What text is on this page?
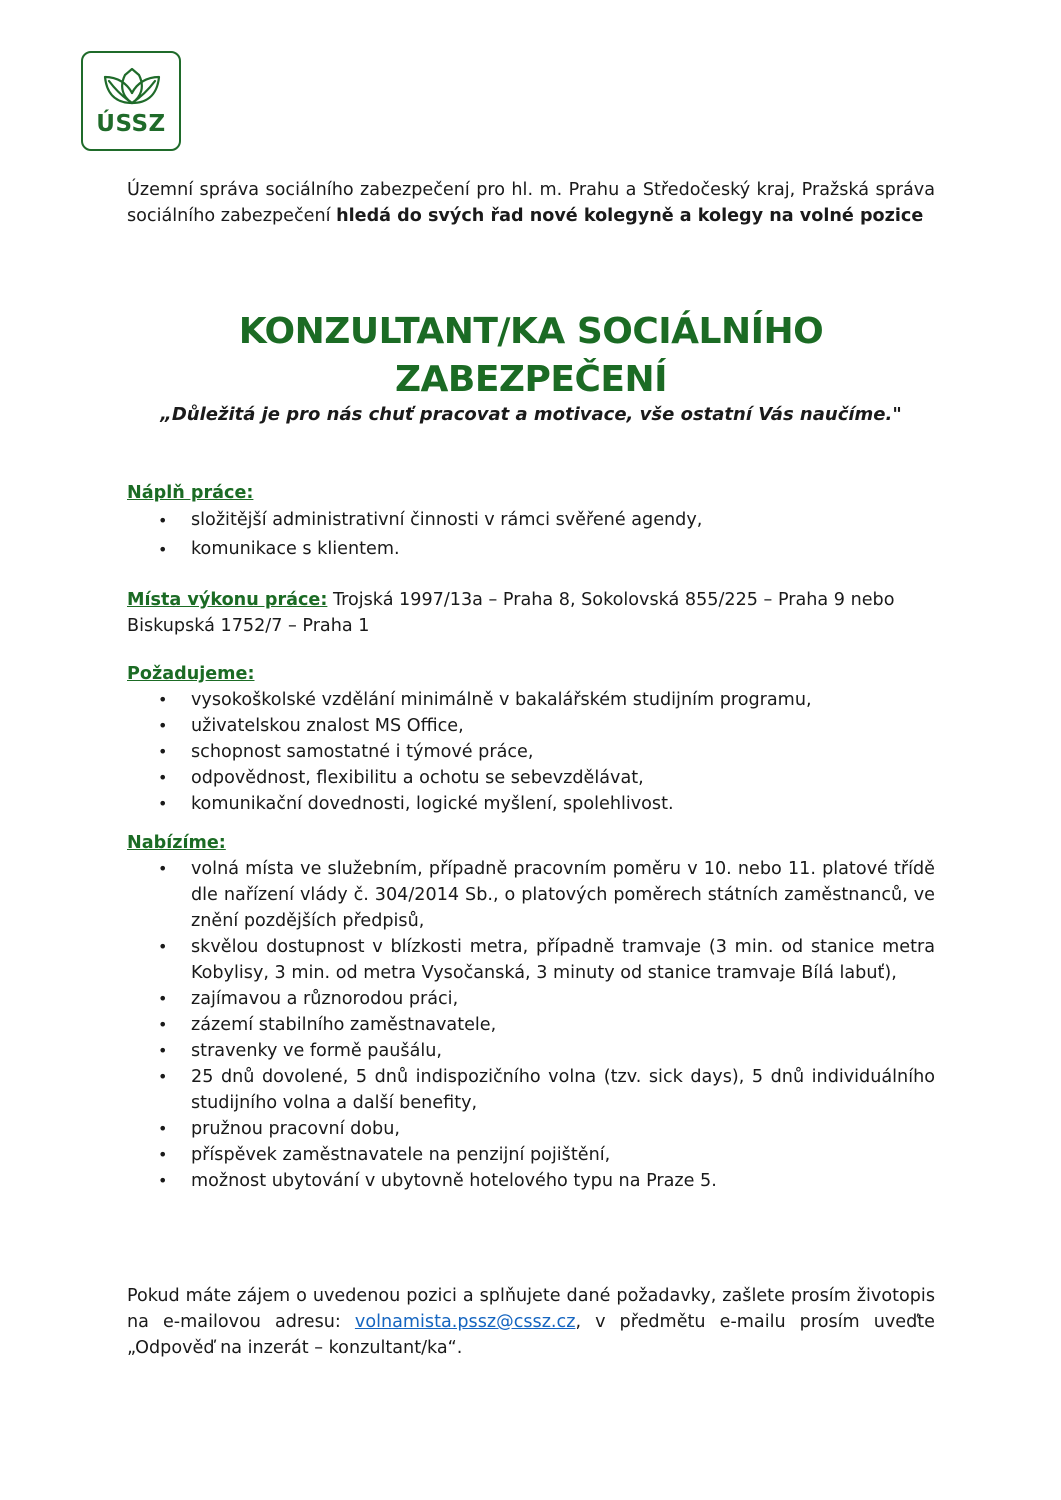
ÚSSZ
Územní správa sociálního zabezpečení pro hl. m. Prahu a Středočeský kraj, Pražská správa sociálního zabezpečení hledá do svých řad nové kolegyně a kolegy na volné pozice
KONZULTANT/KA SOCIÁLNÍHO
ZABEZPEČENÍ
„Důležitá je pro nás chuť pracovat a motivace, vše ostatní Vás naučíme."
Náplň práce:
• složitější administrativní činnosti v rámci svěřené agendy,
• komunikace s klientem.
Místa výkonu práce: Trojská 1997/13a – Praha 8, Sokolovská 855/225 – Praha 9 nebo Biskupská 1752/7 – Praha 1
Požadujeme:
• vysokoškolské vzdělání minimálně v bakalářském studijním programu,
• uživatelskou znalost MS Office,
• schopnost samostatné i týmové práce,
• odpovědnost, flexibilitu a ochotu se sebevzdělávat,
• komunikační dovednosti, logické myšlení, spolehlivost.
Nabízíme:
• volná místa ve služebním, případně pracovním poměru v 10. nebo 11. platové třídě dle nařízení vlády č. 304/2014 Sb., o platových poměrech státních zaměstnanců, ve znění pozdějších předpisů,
• skvělou dostupnost v blízkosti metra, případně tramvaje (3 min. od stanice metra Kobylisy, 3 min. od metra Vysočanská, 3 minuty od stanice tramvaje Bílá labuť),
• zajímavou a různorodou práci,
• zázemí stabilního zaměstnavatele,
• stravenky ve formě paušálu,
• 25 dnů dovolené, 5 dnů indispozičního volna (tzv. sick days), 5 dnů individuálního studijního volna a další benefity,
• pružnou pracovní dobu,
• příspěvek zaměstnavatele na penzijní pojištění,
• možnost ubytování v ubytovně hotelového typu na Praze 5.
Pokud máte zájem o uvedenou pozici a splňujete dané požadavky, zašlete prosím životopis na e-mailovou adresu: volnamista.pssz@cssz.cz, v předmětu e-mailu prosím uveďte „Odpověď na inzerát – konzultant/ka“.
